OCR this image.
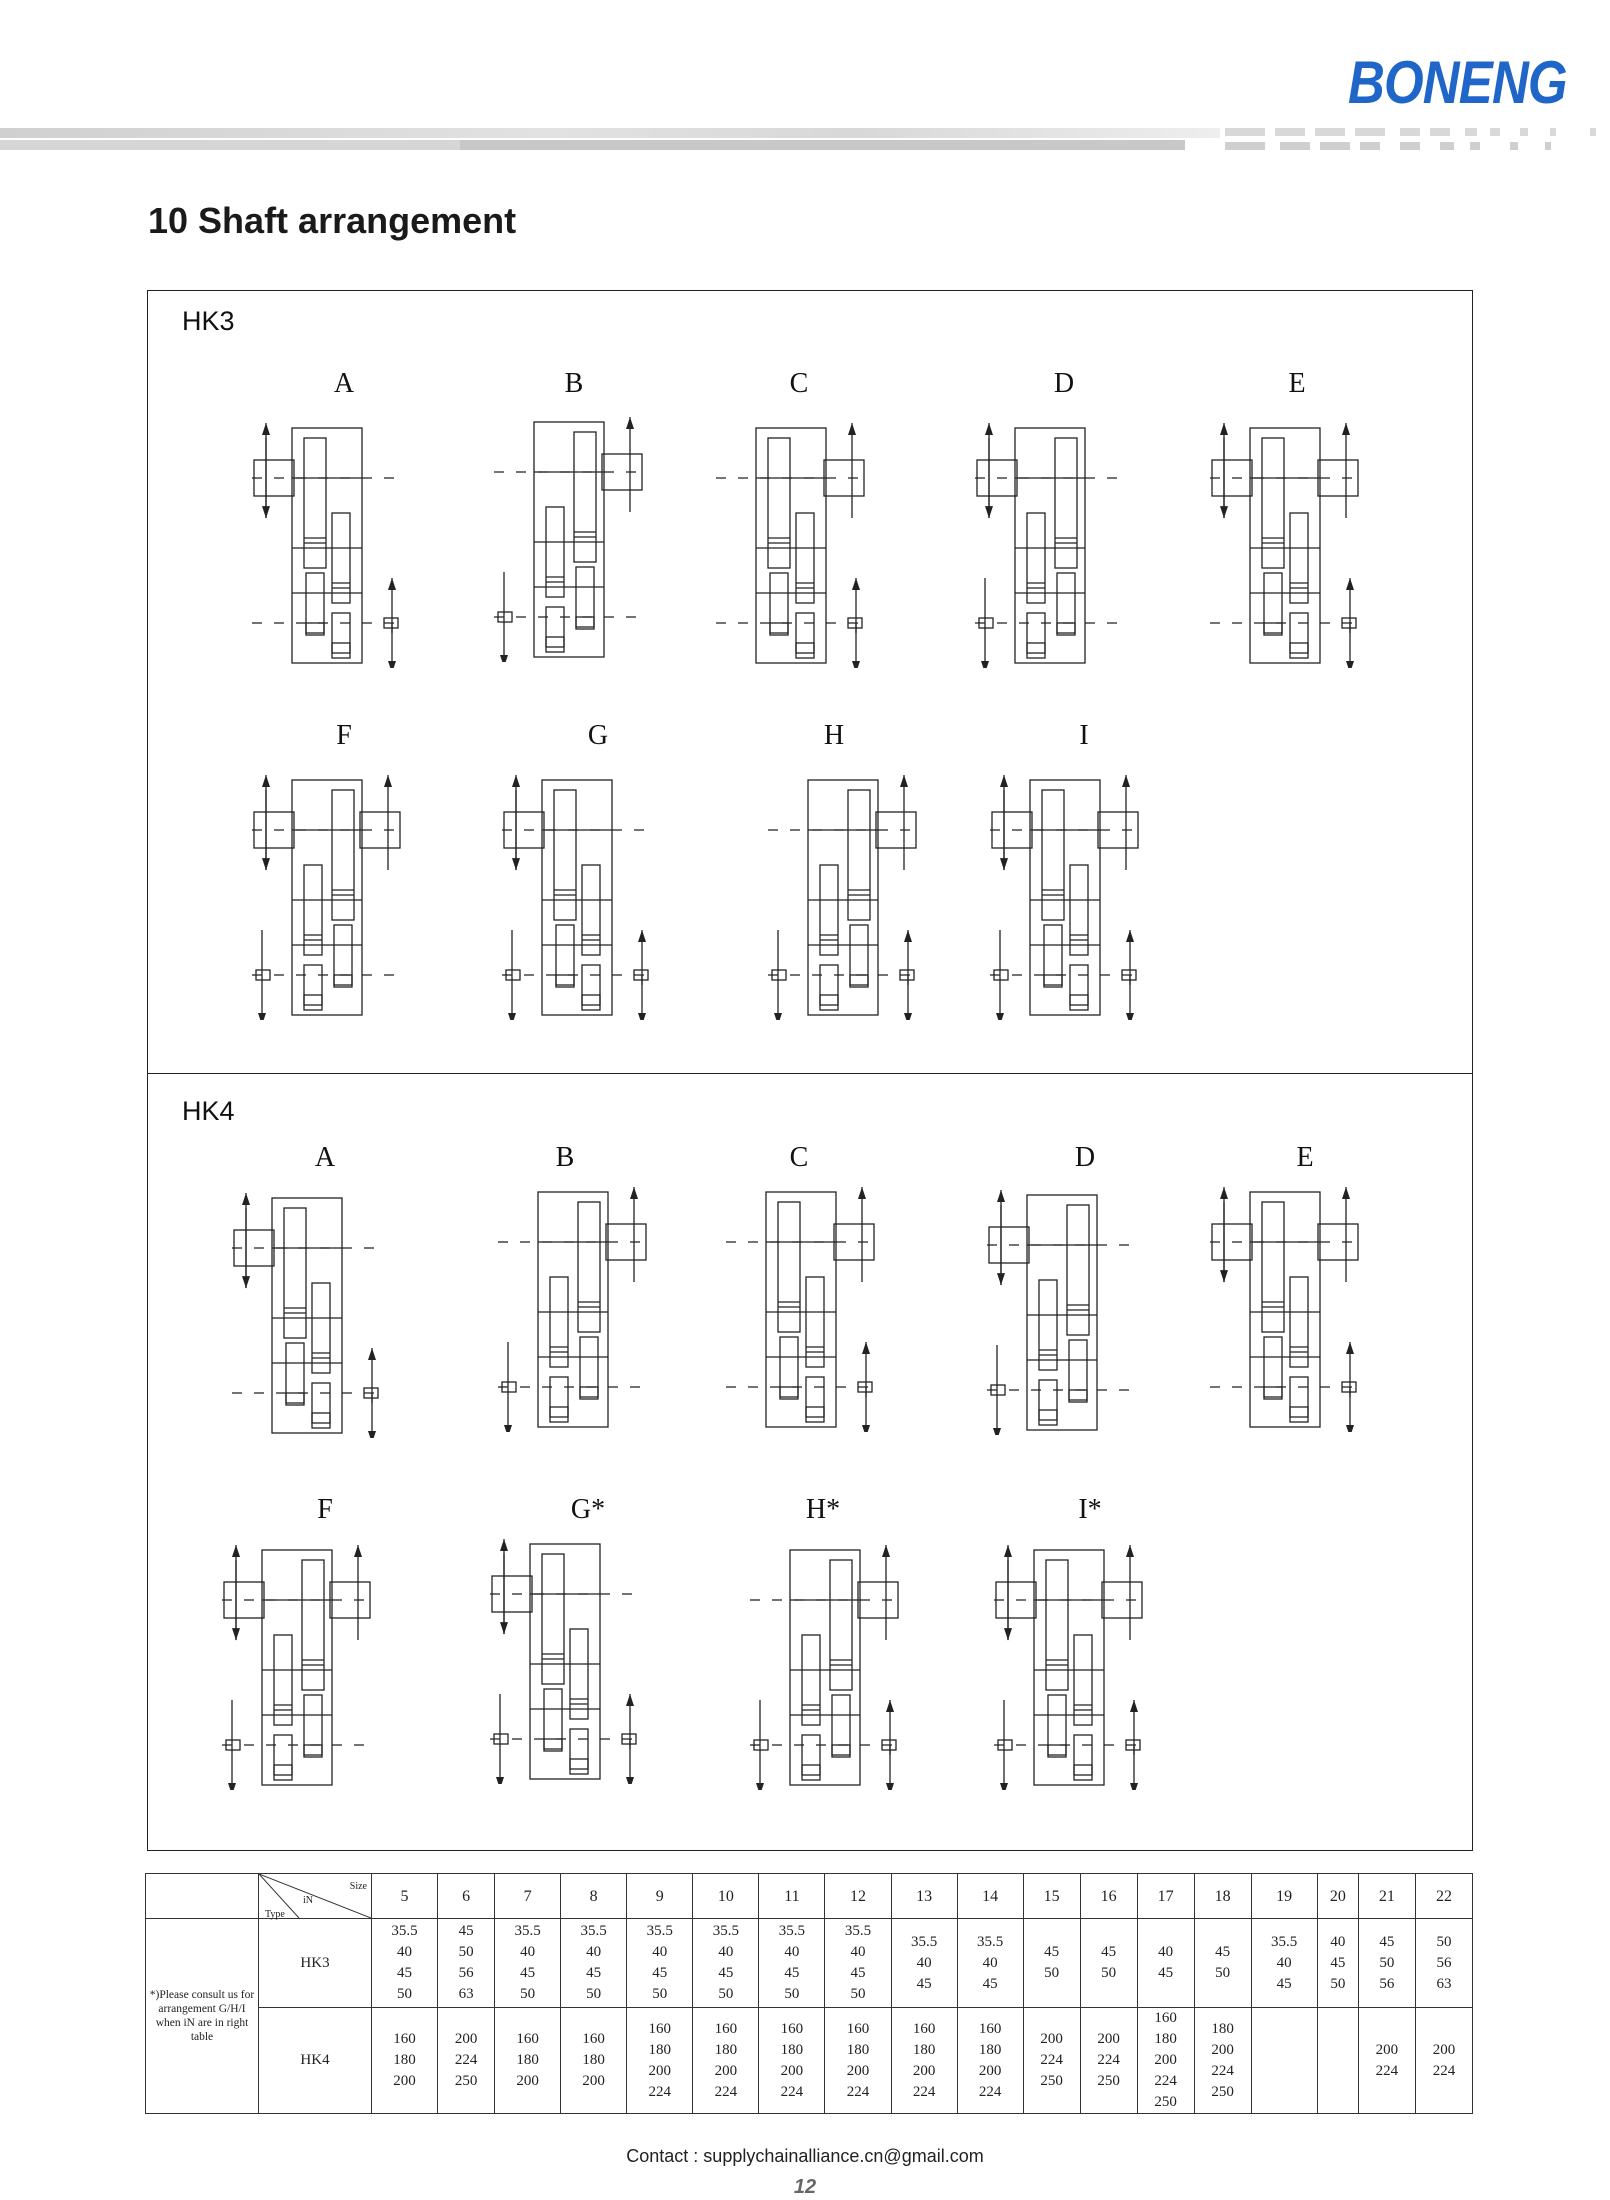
BONENG
10 Shaft arrangement
HK3
A	B	C	D	E
F	G	H	I
HK4
A	B	C	D	E
F	G*	H*	I*

	Size
iN
Type	5	6	7	8	9	10	11	12	13	14	15	16	17	18	19	20	21	22
*)Please consult us for arrangement G/H/I when iN are in right table	HK3	35.5
40
45
50	45
50
56
63	35.5
40
45
50	35.5
40
45
50	35.5
40
45
50	35.5
40
45
50	35.5
40
45
50	35.5
40
45
50	35.5
40
45	35.5
40
45	45
50	45
50	40
45	45
50	35.5
40
45	40
45
50	45
50
56	50
56
63

	HK4	160
180
200	200
224
250	160
180
200	160
180
200	160
180
200
224	160
180
200
224	160
180
200
224	160
180
200
224	160
180
200
224	160
180
200
224	200
224
250	200
224
250	160
180
200
224
250	180
200
224
250			200
224	200
224
Contact : supplychainalliance.cn@gmail.com
12
